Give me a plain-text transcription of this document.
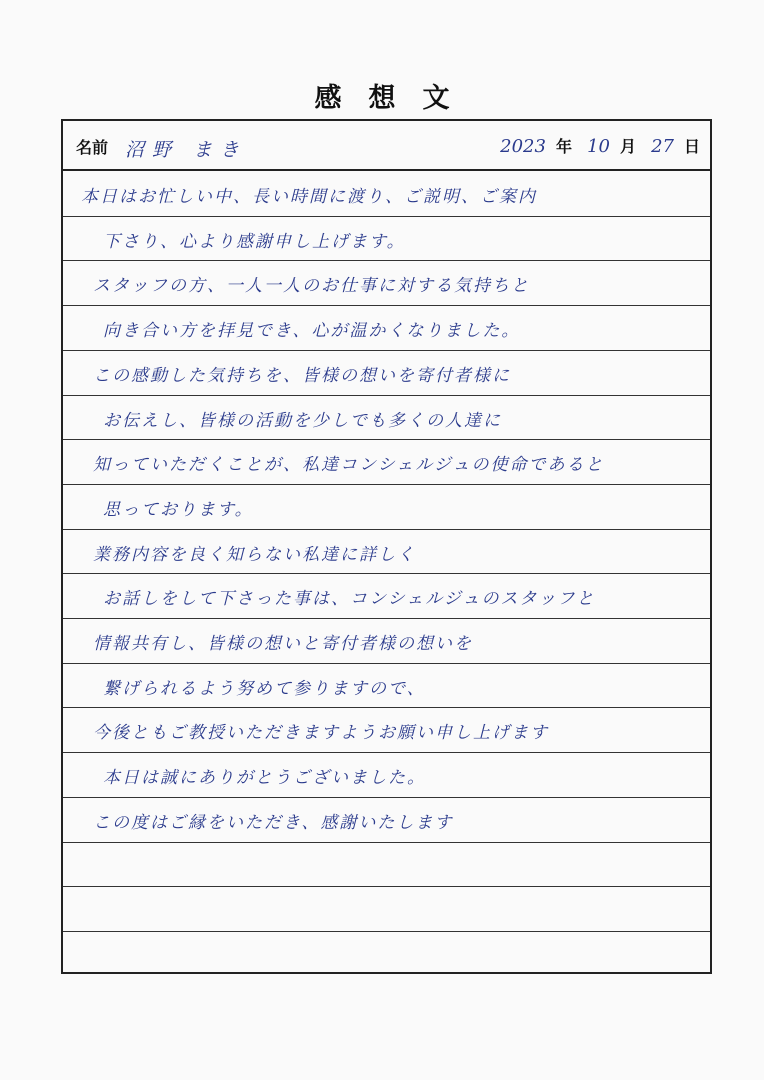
感　想　文
名前 沼野 まき	2023 年 10 月 27 日
本日はお忙しい中、長い時間に渡り、ご説明、ご案内
下さり、心より感謝申し上げます。
スタッフの方、一人一人のお仕事に対する気持ちと
向き合い方を拝見でき、心が温かくなりました。
この感動した気持ちを、皆様の想いを寄付者様に
お伝えし、皆様の活動を少しでも多くの人達に
知っていただくことが、私達コンシェルジュの使命であると
思っております。
業務内容を良く知らない私達に詳しく
お話しをして下さった事は、コンシェルジュのスタッフと
情報共有し、皆様の想いと寄付者様の想いを
繋げられるよう努めて参りますので、
今後ともご教授いただきますようお願い申し上げます
本日は誠にありがとうございました。
この度はご縁をいただき、感謝いたします
